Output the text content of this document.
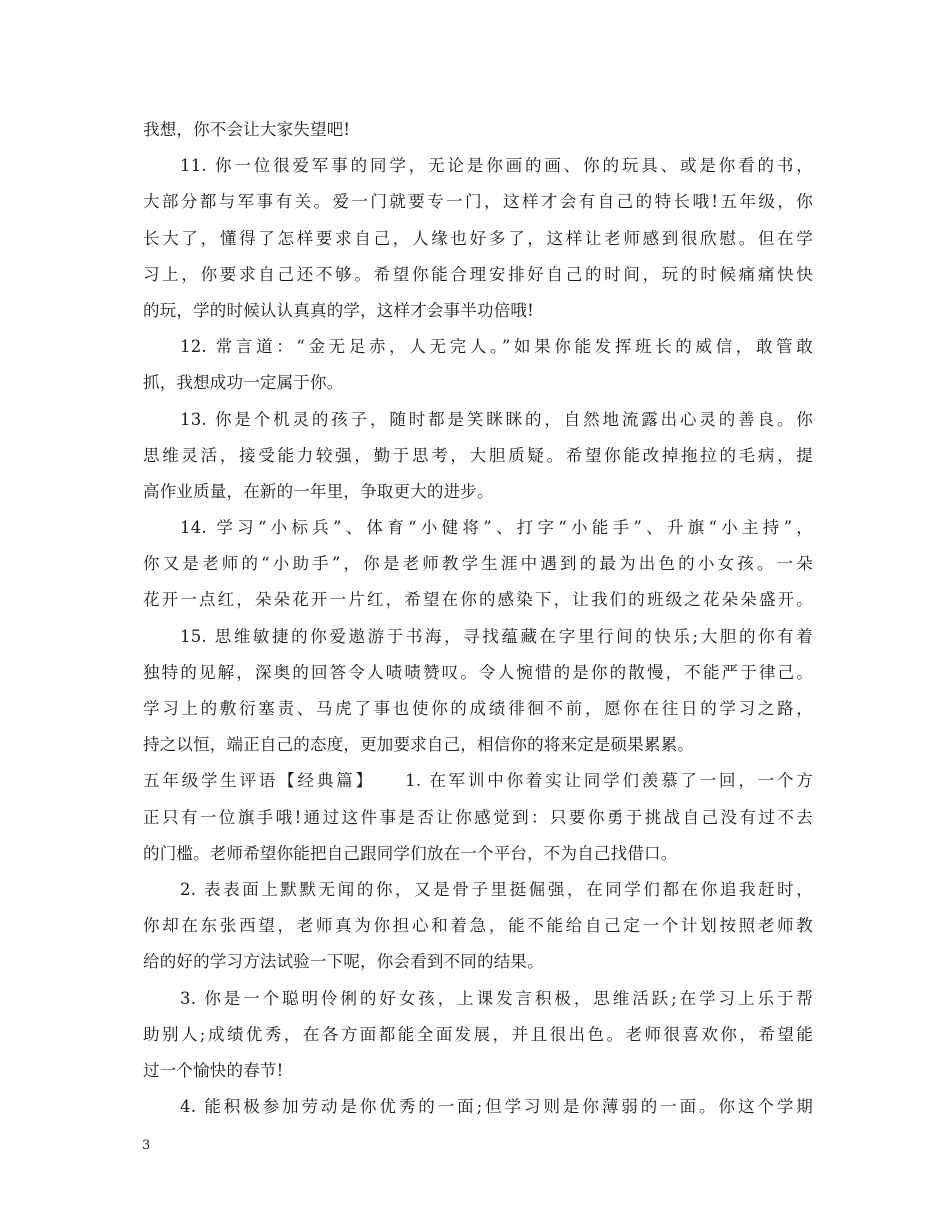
我想，你不会让大家失望吧!
11. 你一位很爱军事的同学，无论是你画的画、你的玩具、或是你看的书，
大部分都与军事有关。爱一门就要专一门，这样才会有自己的特长哦!五年级，你
长大了，懂得了怎样要求自己，人缘也好多了，这样让老师感到很欣慰。但在学
习上，你要求自己还不够。希望你能合理安排好自己的时间，玩的时候痛痛快快
的玩，学的时候认认真真的学，这样才会事半功倍哦!
12. 常言道：“金无足赤，人无完人。”如果你能发挥班长的威信，敢管敢
抓，我想成功一定属于你。
13. 你是个机灵的孩子，随时都是笑眯眯的，自然地流露出心灵的善良。你
思维灵活，接受能力较强，勤于思考，大胆质疑。希望你能改掉拖拉的毛病，提
高作业质量，在新的一年里，争取更大的进步。
14. 学习“小标兵”、体育“小健将”、打字“小能手”、升旗“小主持”，
你又是老师的“小助手”，你是老师教学生涯中遇到的最为出色的小女孩。一朵
花开一点红，朵朵花开一片红，希望在你的感染下，让我们的班级之花朵朵盛开。
15. 思维敏捷的你爱遨游于书海，寻找蕴藏在字里行间的快乐;大胆的你有着
独特的见解，深奥的回答令人啧啧赞叹。令人惋惜的是你的散慢，不能严于律己。
学习上的敷衍塞责、马虎了事也使你的成绩徘徊不前，愿你在往日的学习之路，
持之以恒，端正自己的态度，更加要求自己，相信你的将来定是硕果累累。
五年级学生评语【经典篇】　　1. 在军训中你着实让同学们羡慕了一回，一个方
正只有一位旗手哦!通过这件事是否让你感觉到：只要你勇于挑战自己没有过不去
的门槛。老师希望你能把自己跟同学们放在一个平台，不为自己找借口。
2. 表表面上默默无闻的你，又是骨子里挺倔强，在同学们都在你追我赶时，
你却在东张西望，老师真为你担心和着急，能不能给自己定一个计划按照老师教
给的好的学习方法试验一下呢，你会看到不同的结果。
3. 你是一个聪明伶俐的好女孩，上课发言积极，思维活跃;在学习上乐于帮
助别人;成绩优秀，在各方面都能全面发展，并且很出色。老师很喜欢你，希望能
过一个愉快的春节!
4. 能积极参加劳动是你优秀的一面;但学习则是你薄弱的一面。你这个学期
3
